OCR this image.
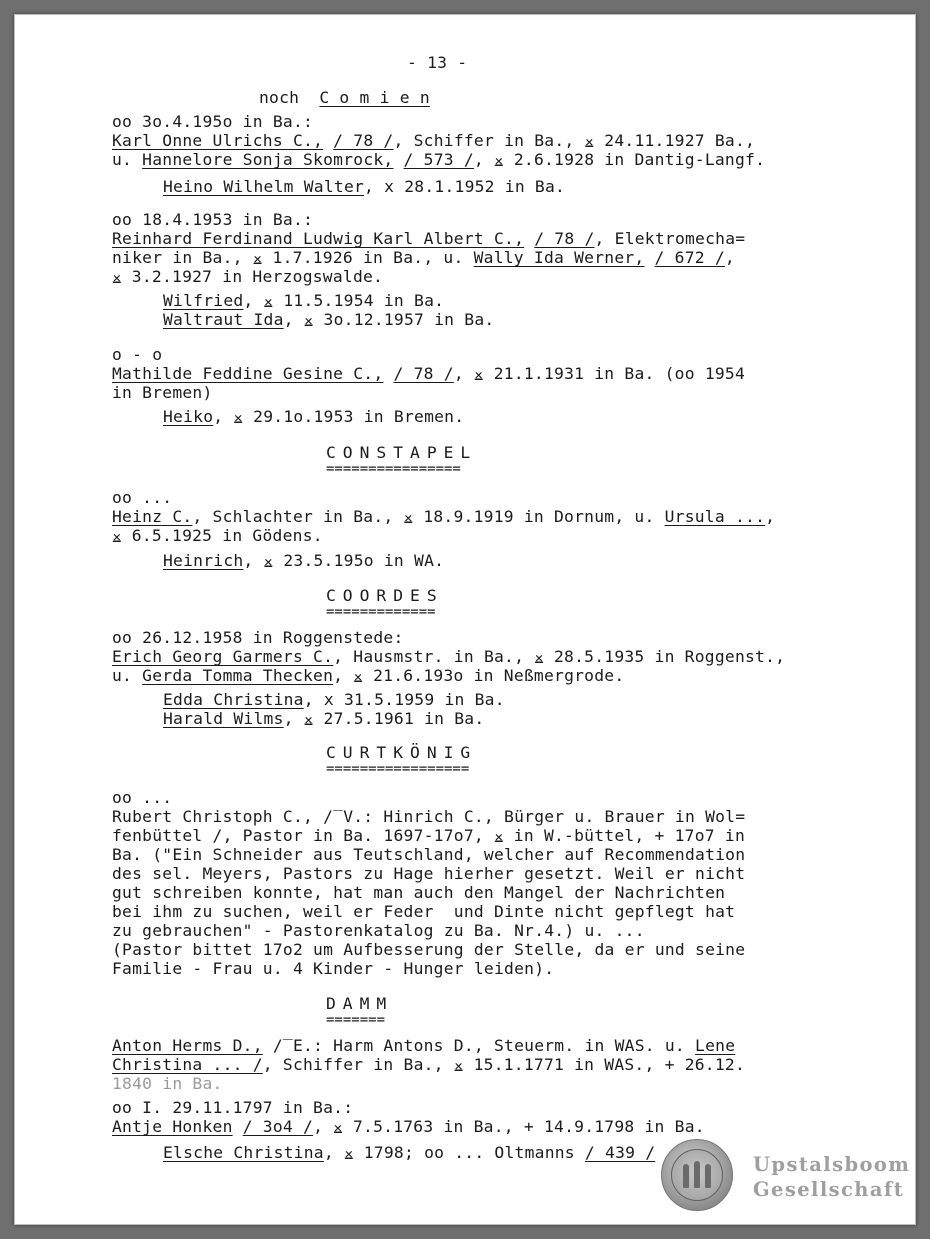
- 13 -
noch C o m i e n
oo 3o.4.195o in Ba.:
Karl Onne Ulrichs C., / 78 /, Schiffer in Ba., ⨱ 24.11.1927 Ba.,
u. Hannelore Sonja Skomrock, / 573 /, ⨱ 2.6.1928 in Dantig-Langf.
Heino Wilhelm Walter, x 28.1.1952 in Ba.
oo 18.4.1953 in Ba.:
Reinhard Ferdinand Ludwig Karl Albert C., / 78 /, Elektromecha=
niker in Ba., ⨱ 1.7.1926 in Ba., u. Wally Ida Werner, / 672 /,
⨱ 3.2.1927 in Herzogswalde.
Wilfried, ⨱ 11.5.1954 in Ba.
Waltraut Ida, ⨱ 3o.12.1957 in Ba.
o - o
Mathilde Feddine Gesine C., / 78 /, ⨱ 21.1.1931 in Ba. (oo 1954
in Bremen)
Heiko, ⨱ 29.1o.1953 in Bremen.
CONSTAPEL
================
oo ...
Heinz C., Schlachter in Ba., ⨱ 18.9.1919 in Dornum, u. Ursula ...,
⨱ 6.5.1925 in Gödens.
Heinrich, ⨱ 23.5.195o in WA.
COORDES
=============
oo 26.12.1958 in Roggenstede:
Erich Georg Garmers C., Hausmstr. in Ba., ⨱ 28.5.1935 in Roggenst.,
u. Gerda Tomma Thecken, ⨱ 21.6.193o in Neßmergrode.
Edda Christina, x 31.5.1959 in Ba.
Harald Wilms, ⨱ 27.5.1961 in Ba.
CURTKÖNIG
=================
oo ...
Rubert Christoph C., /‾V.: Hinrich C., Bürger u. Brauer in Wol=
fenbüttel /, Pastor in Ba. 1697-17o7, ⨱ in W.-büttel, + 17o7 in
Ba. ("Ein Schneider aus Teutschland, welcher auf Recommendation
des sel. Meyers, Pastors zu Hage hierher gesetzt. Weil er nicht
gut schreiben konnte, hat man auch den Mangel der Nachrichten
bei ihm zu suchen, weil er Feder  und Dinte nicht gepflegt hat
zu gebrauchen" - Pastorenkatalog zu Ba. Nr.4.) u. ...
(Pastor bittet 17o2 um Aufbesserung der Stelle, da er und seine
Familie - Frau u. 4 Kinder - Hunger leiden).
DAMM
=======
Anton Herms D., /‾E.: Harm Antons D., Steuerm. in WAS. u. Lene
Christina ... /, Schiffer in Ba., ⨱ 15.1.1771 in WAS., + 26.12.
1840 in Ba.
oo I. 29.11.1797 in Ba.:
Antje Honken / 3o4 /, ⨱ 7.5.1763 in Ba., + 14.9.1798 in Ba.
Elsche Christina, ⨱ 1798; oo ... Oltmanns / 439 /
Upstalsboom
Gesellschaft
